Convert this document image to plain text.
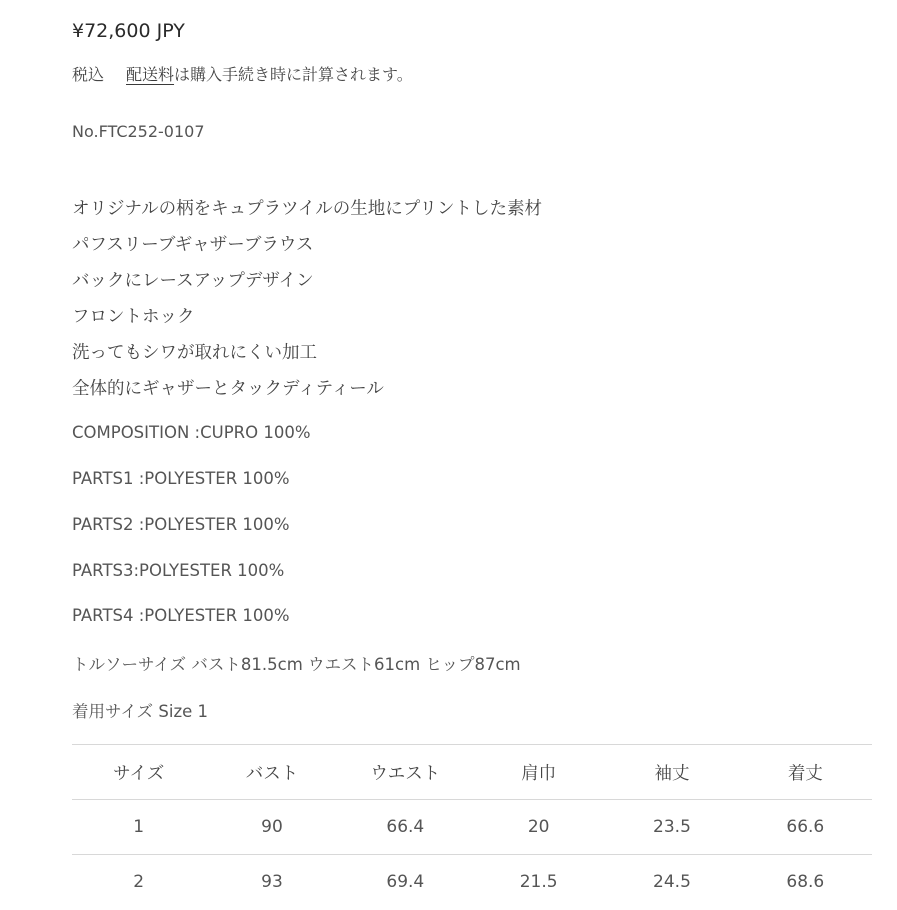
¥72,600 JPY
税込 配送料は購入手続き時に計算されます。
No.FTC252-0107
オリジナルの柄をキュプラツイルの生地にプリントした素材
パフスリーブギャザーブラウス
バックにレースアップデザイン
フロントホック
洗ってもシワが取れにくい加工
全体的にギャザーとタックディティール
COMPOSITION :CUPRO 100%
PARTS1 :POLYESTER 100%
PARTS2 :POLYESTER 100%
PARTS3:POLYESTER 100%
PARTS4 :POLYESTER 100%
トルソーサイズ バスト81.5cm ウエスト61cm ヒップ87cm
着用サイズ Size 1
サイズ	バスト	ウエスト	肩巾	袖丈	着丈
1	90	66.4	20	23.5	66.6
2	93	69.4	21.5	24.5	68.6
